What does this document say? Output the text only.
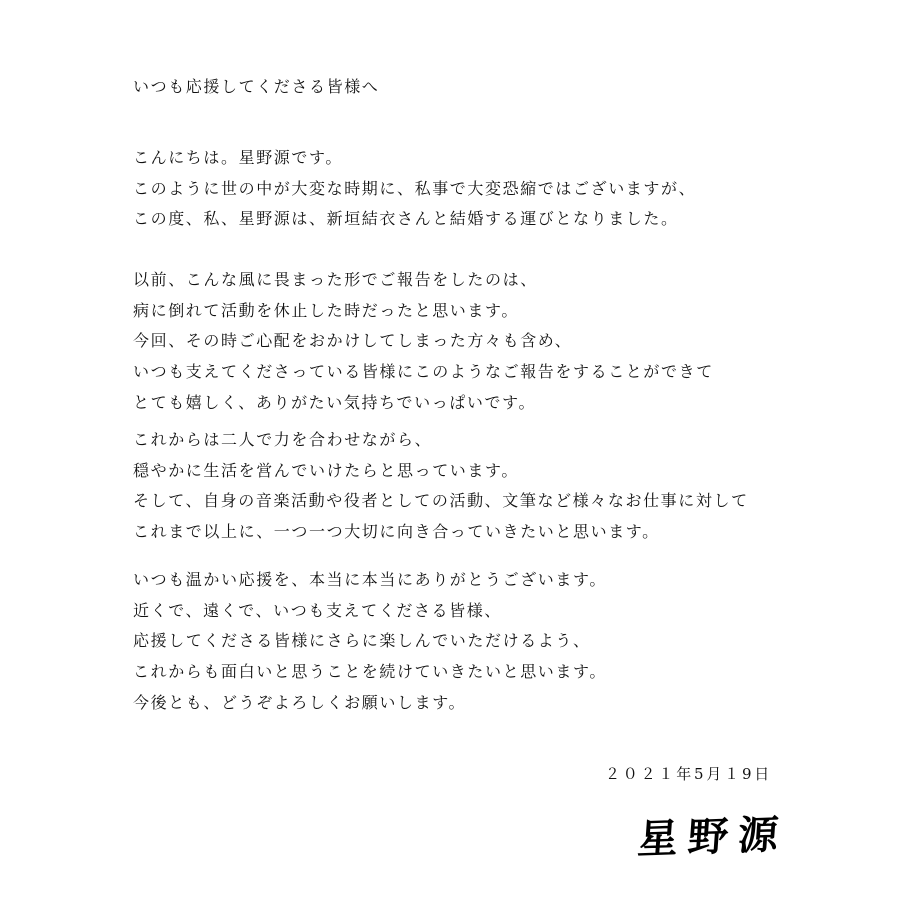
いつも応援してくださる皆様へ
こんにちは。星野源です。
このように世の中が大変な時期に、私事で大変恐縮ではございますが、
この度、私、星野源は、新垣結衣さんと結婚する運びとなりました。
以前、こんな風に畏まった形でご報告をしたのは、
病に倒れて活動を休止した時だったと思います。
今回、その時ご心配をおかけしてしまった方々も含め、
いつも支えてくださっている皆様にこのようなご報告をすることができて
とても嬉しく、ありがたい気持ちでいっぱいです。
これからは二人で力を合わせながら、
穏やかに生活を営んでいけたらと思っています。
そして、自身の音楽活動や役者としての活動、文筆など様々なお仕事に対して
これまで以上に、一つ一つ大切に向き合っていきたいと思います。
いつも温かい応援を、本当に本当にありがとうございます。
近くで、遠くで、いつも支えてくださる皆様、
応援してくださる皆様にさらに楽しんでいただけるよう、
これからも面白いと思うことを続けていきたいと思います。
今後とも、どうぞよろしくお願いします。
２０２１年5月１9日
星野源
